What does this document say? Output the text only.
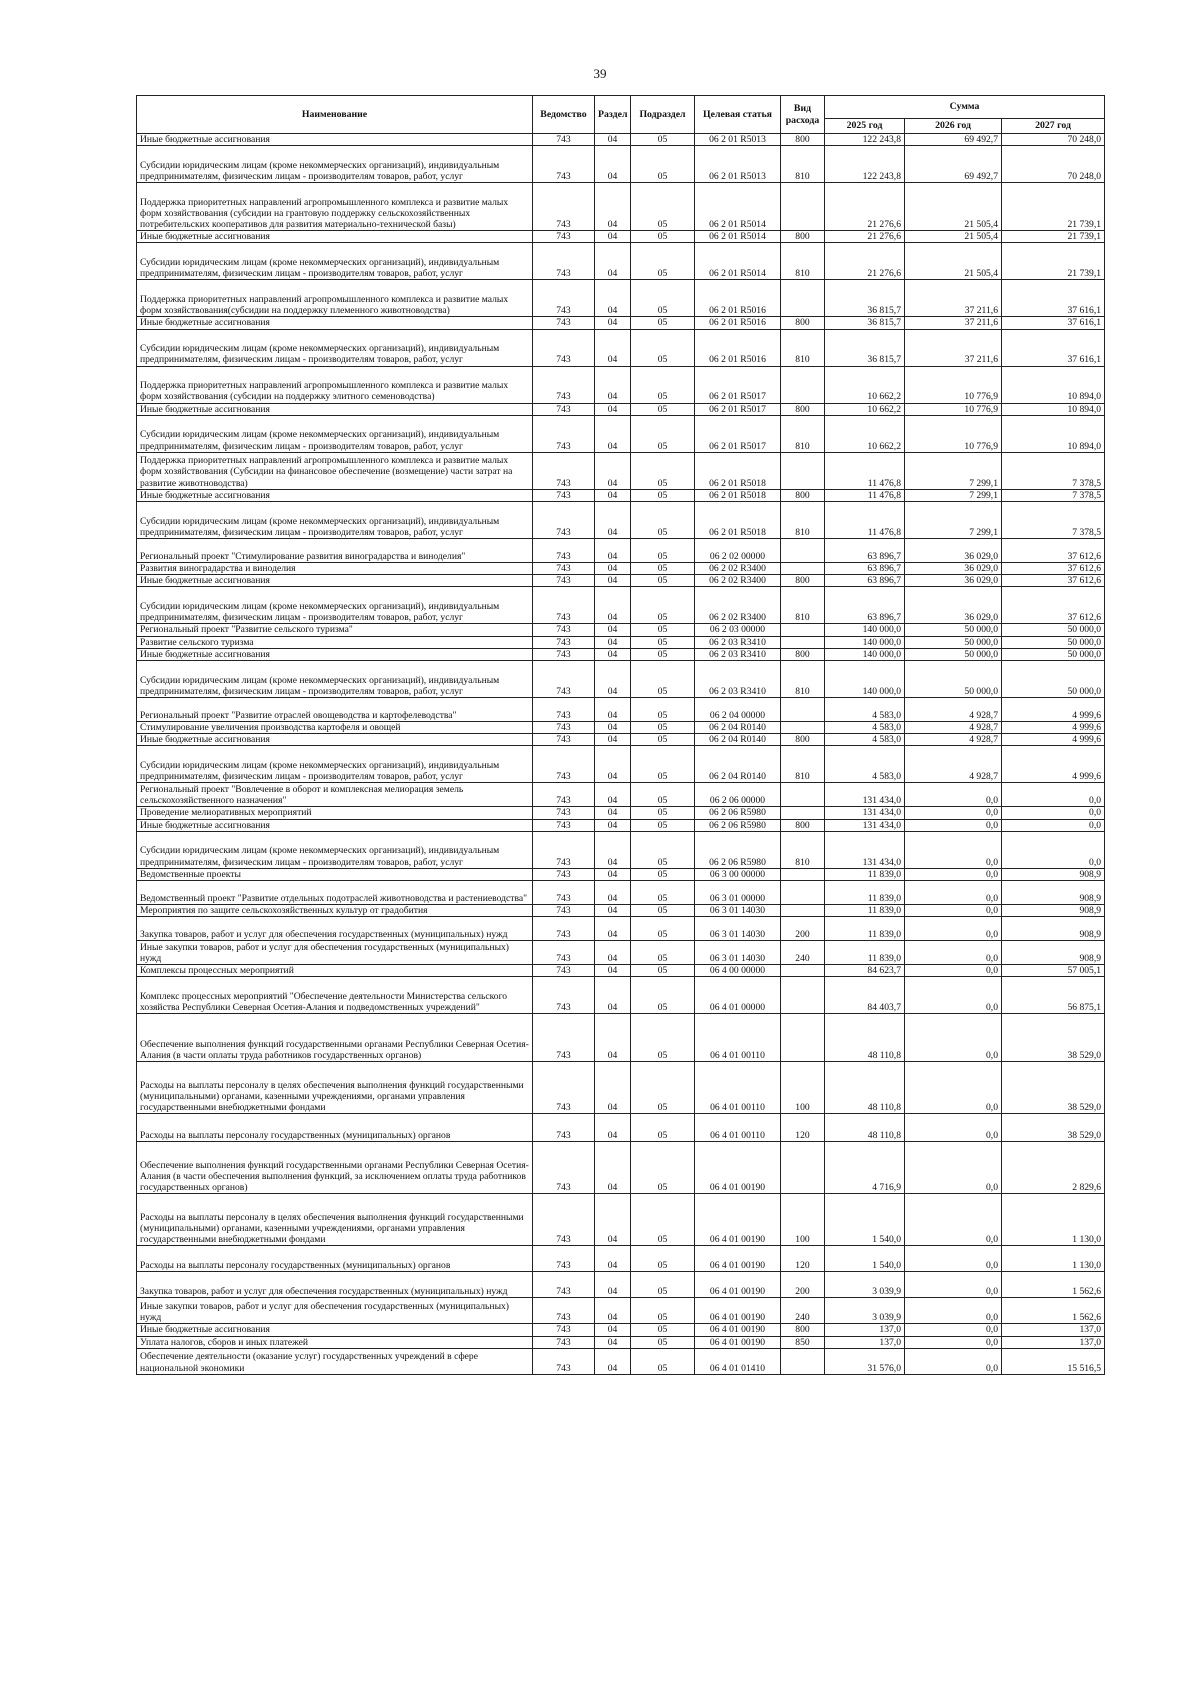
39
Наименование	Ведомство	Раздел	Подраздел	Целевая статья	Вид расхода	Сумма		
						2025 год	2026 год	2027 год
Иные бюджетные ассигнования	743	04	05	06 2 01 R5013	800	122 243,8	69 492,7	70 248,0
Субсидии юридическим лицам (кроме некоммерческих организаций), индивидуальным предпринимателям, физическим лицам - производителям товаров, работ, услуг	743	04	05	06 2 01 R5013	810	122 243,8	69 492,7	70 248,0
Поддержка приоритетных направлений агропромышленного комплекса и развитие малых форм хозяйствования (субсидии на грантовую поддержку сельскохозяйственных потребительских кооперативов для развития материально-технической базы)	743	04	05	06 2 01 R5014		21 276,6	21 505,4	21 739,1
Иные бюджетные ассигнования	743	04	05	06 2 01 R5014	800	21 276,6	21 505,4	21 739,1
Субсидии юридическим лицам (кроме некоммерческих организаций), индивидуальным предпринимателям, физическим лицам - производителям товаров, работ, услуг	743	04	05	06 2 01 R5014	810	21 276,6	21 505,4	21 739,1
Поддержка приоритетных направлений агропромышленного комплекса и развитие малых форм хозяйствования(субсидии на поддержку племенного животноводства)	743	04	05	06 2 01 R5016		36 815,7	37 211,6	37 616,1
Иные бюджетные ассигнования	743	04	05	06 2 01 R5016	800	36 815,7	37 211,6	37 616,1
Субсидии юридическим лицам (кроме некоммерческих организаций), индивидуальным предпринимателям, физическим лицам - производителям товаров, работ, услуг	743	04	05	06 2 01 R5016	810	36 815,7	37 211,6	37 616,1
Поддержка приоритетных направлений агропромышленного комплекса и развитие малых форм хозяйствования (субсидии на поддержку элитного семеноводства)	743	04	05	06 2 01 R5017		10 662,2	10 776,9	10 894,0
Иные бюджетные ассигнования	743	04	05	06 2 01 R5017	800	10 662,2	10 776,9	10 894,0
Субсидии юридическим лицам (кроме некоммерческих организаций), индивидуальным предпринимателям, физическим лицам - производителям товаров, работ, услуг	743	04	05	06 2 01 R5017	810	10 662,2	10 776,9	10 894,0
Поддержка приоритетных направлений агропромышленного комплекса и развитие малых форм хозяйствования (Субсидии на финансовое обеспечение (возмещение) части затрат на развитие животноводства)	743	04	05	06 2 01 R5018		11 476,8	7 299,1	7 378,5
Иные бюджетные ассигнования	743	04	05	06 2 01 R5018	800	11 476,8	7 299,1	7 378,5
Субсидии юридическим лицам (кроме некоммерческих организаций), индивидуальным предпринимателям, физическим лицам - производителям товаров, работ, услуг	743	04	05	06 2 01 R5018	810	11 476,8	7 299,1	7 378,5
Региональный проект "Стимулирование развития виноградарства и виноделия"	743	04	05	06 2 02 00000		63 896,7	36 029,0	37 612,6
Развития виноградарства и виноделия	743	04	05	06 2 02 R3400		63 896,7	36 029,0	37 612,6
Иные бюджетные ассигнования	743	04	05	06 2 02 R3400	800	63 896,7	36 029,0	37 612,6
Субсидии юридическим лицам (кроме некоммерческих организаций), индивидуальным предпринимателям, физическим лицам - производителям товаров, работ, услуг	743	04	05	06 2 02 R3400	810	63 896,7	36 029,0	37 612,6
Региональный проект "Развитие сельского туризма"	743	04	05	06 2 03 00000		140 000,0	50 000,0	50 000,0
Развитие сельского туризма	743	04	05	06 2 03 R3410		140 000,0	50 000,0	50 000,0
Иные бюджетные ассигнования	743	04	05	06 2 03 R3410	800	140 000,0	50 000,0	50 000,0
Субсидии юридическим лицам (кроме некоммерческих организаций), индивидуальным предпринимателям, физическим лицам - производителям товаров, работ, услуг	743	04	05	06 2 03 R3410	810	140 000,0	50 000,0	50 000,0
Региональный проект "Развитие отраслей овощеводства и картофелеводства"	743	04	05	06 2 04 00000		4 583,0	4 928,7	4 999,6
Стимулирование увеличения производства картофеля и овощей	743	04	05	06 2 04 R0140		4 583,0	4 928,7	4 999,6
Иные бюджетные ассигнования	743	04	05	06 2 04 R0140	800	4 583,0	4 928,7	4 999,6
Субсидии юридическим лицам (кроме некоммерческих организаций), индивидуальным предпринимателям, физическим лицам - производителям товаров, работ, услуг	743	04	05	06 2 04 R0140	810	4 583,0	4 928,7	4 999,6
Региональный проект "Вовлечение в оборот и комплексная мелиорация земель сельскохозяйственного назначения"	743	04	05	06 2 06 00000		131 434,0	0,0	0,0
Проведение мелиоративных мероприятий	743	04	05	06 2 06 R5980		131 434,0	0,0	0,0
Иные бюджетные ассигнования	743	04	05	06 2 06 R5980	800	131 434,0	0,0	0,0
Субсидии юридическим лицам (кроме некоммерческих организаций), индивидуальным предпринимателям, физическим лицам - производителям товаров, работ, услуг	743	04	05	06 2 06 R5980	810	131 434,0	0,0	0,0
Ведомственные проекты	743	04	05	06 3 00 00000		11 839,0	0,0	908,9
Ведомственный проект "Развитие отдельных подотраслей животноводства и растениеводства"	743	04	05	06 3 01 00000		11 839,0	0,0	908,9
Мероприятия по защите сельскохозяйственных культур от градобития	743	04	05	06 3 01 14030		11 839,0	0,0	908,9
Закупка товаров, работ и услуг для обеспечения государственных (муниципальных) нужд	743	04	05	06 3 01 14030	200	11 839,0	0,0	908,9
Иные закупки товаров, работ и услуг для обеспечения государственных (муниципальных) нужд	743	04	05	06 3 01 14030	240	11 839,0	0,0	908,9
Комплексы процессных мероприятий	743	04	05	06 4 00 00000		84 623,7	0,0	57 005,1
Комплекс процессных мероприятий "Обеспечение деятельности Министерства сельского хозяйства Республики Северная Осетия-Алания и подведомственных учреждений"	743	04	05	06 4 01 00000		84 403,7	0,0	56 875,1
Обеспечение выполнения функций государственными органами Республики Северная Осетия-Алания (в части оплаты труда работников государственных органов)	743	04	05	06 4 01 00110		48 110,8	0,0	38 529,0
Расходы на выплаты персоналу в целях обеспечения выполнения функций государственными (муниципальными) органами, казенными учреждениями, органами управления государственными внебюджетными фондами	743	04	05	06 4 01 00110	100	48 110,8	0,0	38 529,0
Расходы на выплаты персоналу государственных (муниципальных) органов	743	04	05	06 4 01 00110	120	48 110,8	0,0	38 529,0
Обеспечение выполнения функций государственными органами Республики Северная Осетия-Алания (в части обеспечения выполнения функций, за исключением оплаты труда работников государственных органов)	743	04	05	06 4 01 00190		4 716,9	0,0	2 829,6
Расходы на выплаты персоналу в целях обеспечения выполнения функций государственными (муниципальными) органами, казенными учреждениями, органами управления государственными внебюджетными фондами	743	04	05	06 4 01 00190	100	1 540,0	0,0	1 130,0
Расходы на выплаты персоналу государственных (муниципальных) органов	743	04	05	06 4 01 00190	120	1 540,0	0,0	1 130,0
Закупка товаров, работ и услуг для обеспечения государственных (муниципальных) нужд	743	04	05	06 4 01 00190	200	3 039,9	0,0	1 562,6
Иные закупки товаров, работ и услуг для обеспечения государственных (муниципальных) нужд	743	04	05	06 4 01 00190	240	3 039,9	0,0	1 562,6
Иные бюджетные ассигнования	743	04	05	06 4 01 00190	800	137,0	0,0	137,0
Уплата налогов, сборов и иных платежей	743	04	05	06 4 01 00190	850	137,0	0,0	137,0
Обеспечение деятельности (оказание услуг) государственных учреждений в сфере национальной экономики	743	04	05	06 4 01 01410		31 576,0	0,0	15 516,5
